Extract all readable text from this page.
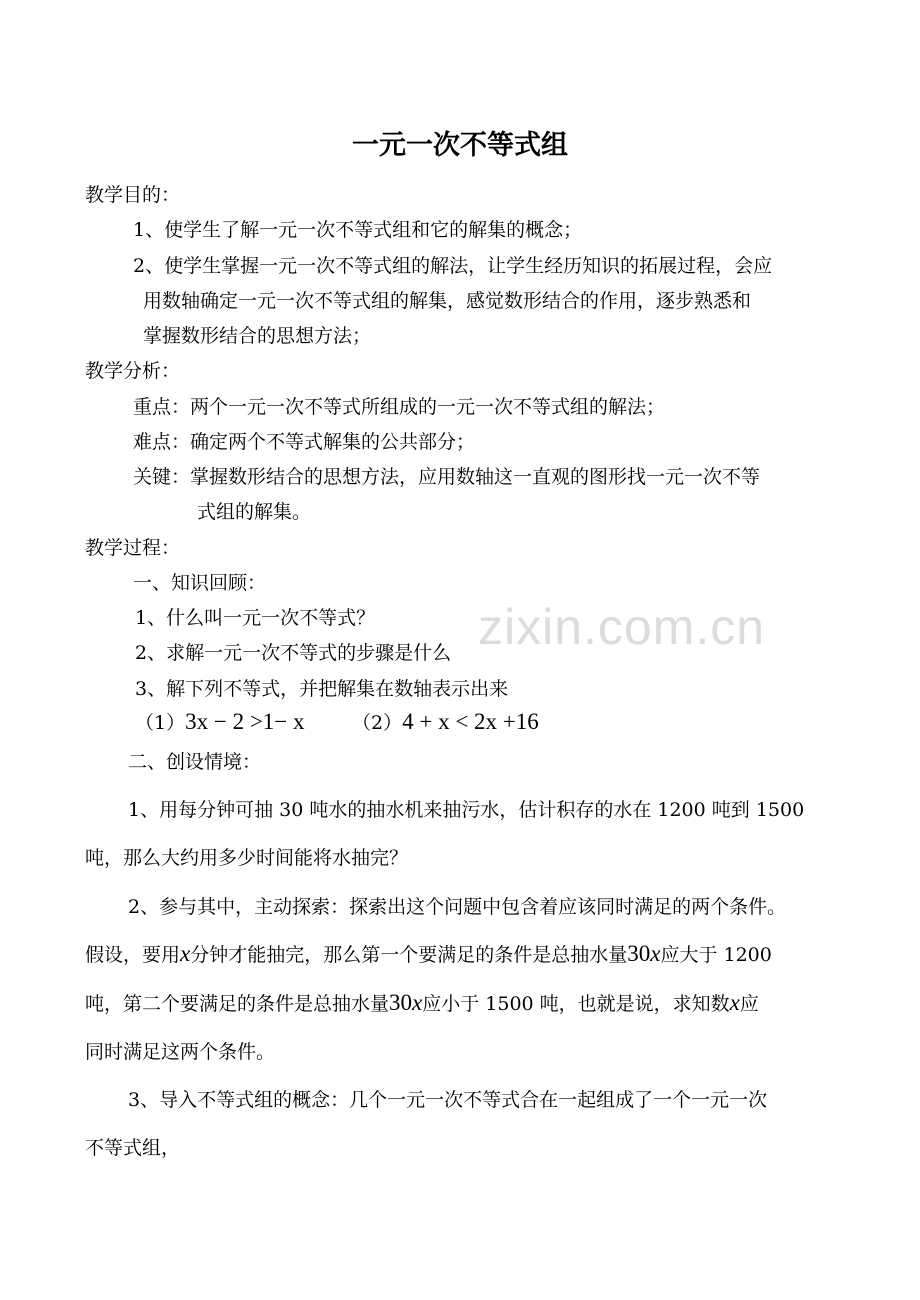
zixin.com.cn
一元一次不等式组
教学目的：
1、使学生了解一元一次不等式组和它的解集的概念；
2、使学生掌握一元一次不等式组的解法，让学生经历知识的拓展过程，会应
用数轴确定一元一次不等式组的解集，感觉数形结合的作用，逐步熟悉和
掌握数形结合的思想方法；
教学分析：
重点：两个一元一次不等式所组成的一元一次不等式组的解法；
难点：确定两个不等式解集的公共部分；
关键：掌握数形结合的思想方法，应用数轴这一直观的图形找一元一次不等
式组的解集。
教学过程：
一、知识回顾：
1、什么叫一元一次不等式？
2、求解一元一次不等式的步骤是什么
3、解下列不等式，并把解集在数轴表示出来
（1）3x − 2 >1− x （2）4 + x < 2x +16
二、创设情境：
1、用每分钟可抽 30 吨水的抽水机来抽污水，估计积存的水在 1200 吨到 1500
吨，那么大约用多少时间能将水抽完？
2、参与其中，主动探索：探索出这个问题中包含着应该同时满足的两个条件。
假设，要用x分钟才能抽完，那么第一个要满足的条件是总抽水量30x应大于 1200
吨，第二个要满足的条件是总抽水量30x应小于 1500 吨，也就是说，求知数x应
同时满足这两个条件。
3、导入不等式组的概念：几个一元一次不等式合在一起组成了一个一元一次
不等式组，
